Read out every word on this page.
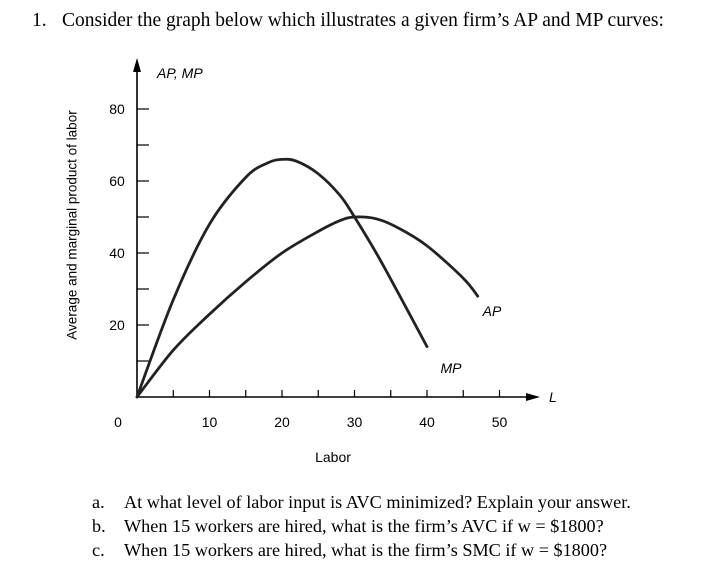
1. Consider the graph below which illustrates a given firm’s AP and MP curves:
Average and marginal product of labor 20
40
60
80
0	10	20	30	40	50
MP
AP
AP, MP
Labor
L
a. At what level of labor input is AVC minimized? Explain your answer.
b. When 15 workers are hired, what is the firm’s AVC if w = $1800?
c. When 15 workers are hired, what is the firm’s SMC if w = $1800?
